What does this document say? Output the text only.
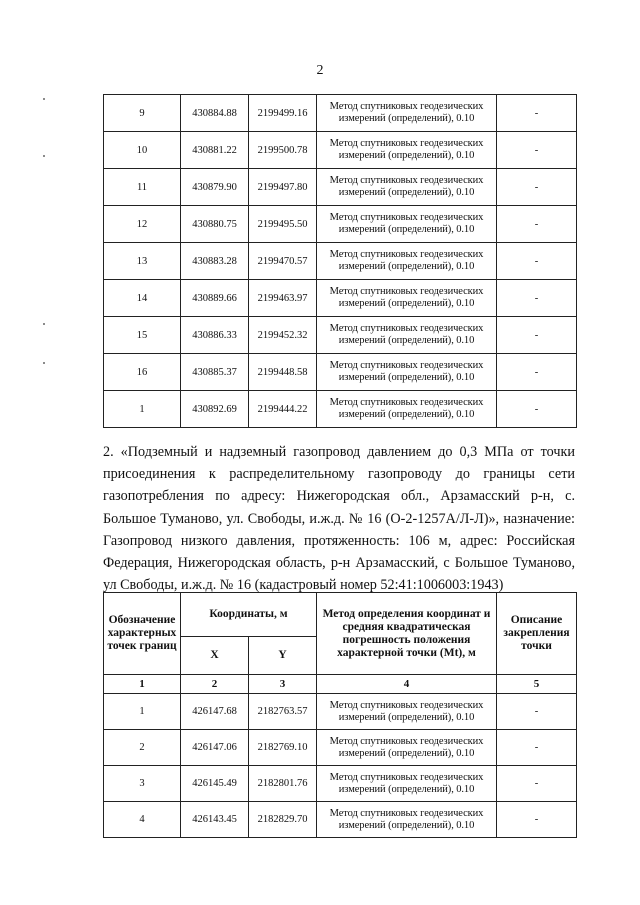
2
9	430884.88	2199499.16	Метод спутниковых геодезических измерений (определений), 0.10	-
10	430881.22	2199500.78	Метод спутниковых геодезических измерений (определений), 0.10	-
11	430879.90	2199497.80	Метод спутниковых геодезических измерений (определений), 0.10	-
12	430880.75	2199495.50	Метод спутниковых геодезических измерений (определений), 0.10	-
13	430883.28	2199470.57	Метод спутниковых геодезических измерений (определений), 0.10	-
14	430889.66	2199463.97	Метод спутниковых геодезических измерений (определений), 0.10	-
15	430886.33	2199452.32	Метод спутниковых геодезических измерений (определений), 0.10	-
16	430885.37	2199448.58	Метод спутниковых геодезических измерений (определений), 0.10	-
1	430892.69	2199444.22	Метод спутниковых геодезических измерений (определений), 0.10	-
2. «Подземный и надземный газопровод давлением до 0,3 МПа от точки присоединения к распределительному газопроводу до границы сети газопотребления по адресу: Нижегородская обл., Арзамасский р-н, с. Большое Туманово, ул. Свободы, и.ж.д. № 16 (О-2-1257А/Л-Л)», назначение: Газопровод низкого давления, протяженность: 106 м, адрес: Российская Федерация, Нижегородская область, р-н Арзамасский, с Большое Туманово, ул Свободы, и.ж.д. № 16 (кадастровый номер 52:41:1006003:1943)
Обозначение характерных точек границ	Координаты, м		Метод определения координат и средняя квадратическая погрешность положения характерной точки (Mt), м	Описание закрепления точки
	X	Y		
1	2	3	4	5
1	426147.68	2182763.57	Метод спутниковых геодезических измерений (определений), 0.10	-
2	426147.06	2182769.10	Метод спутниковых геодезических измерений (определений), 0.10	-
3	426145.49	2182801.76	Метод спутниковых геодезических измерений (определений), 0.10	-
4	426143.45	2182829.70	Метод спутниковых геодезических измерений (определений), 0.10	-
